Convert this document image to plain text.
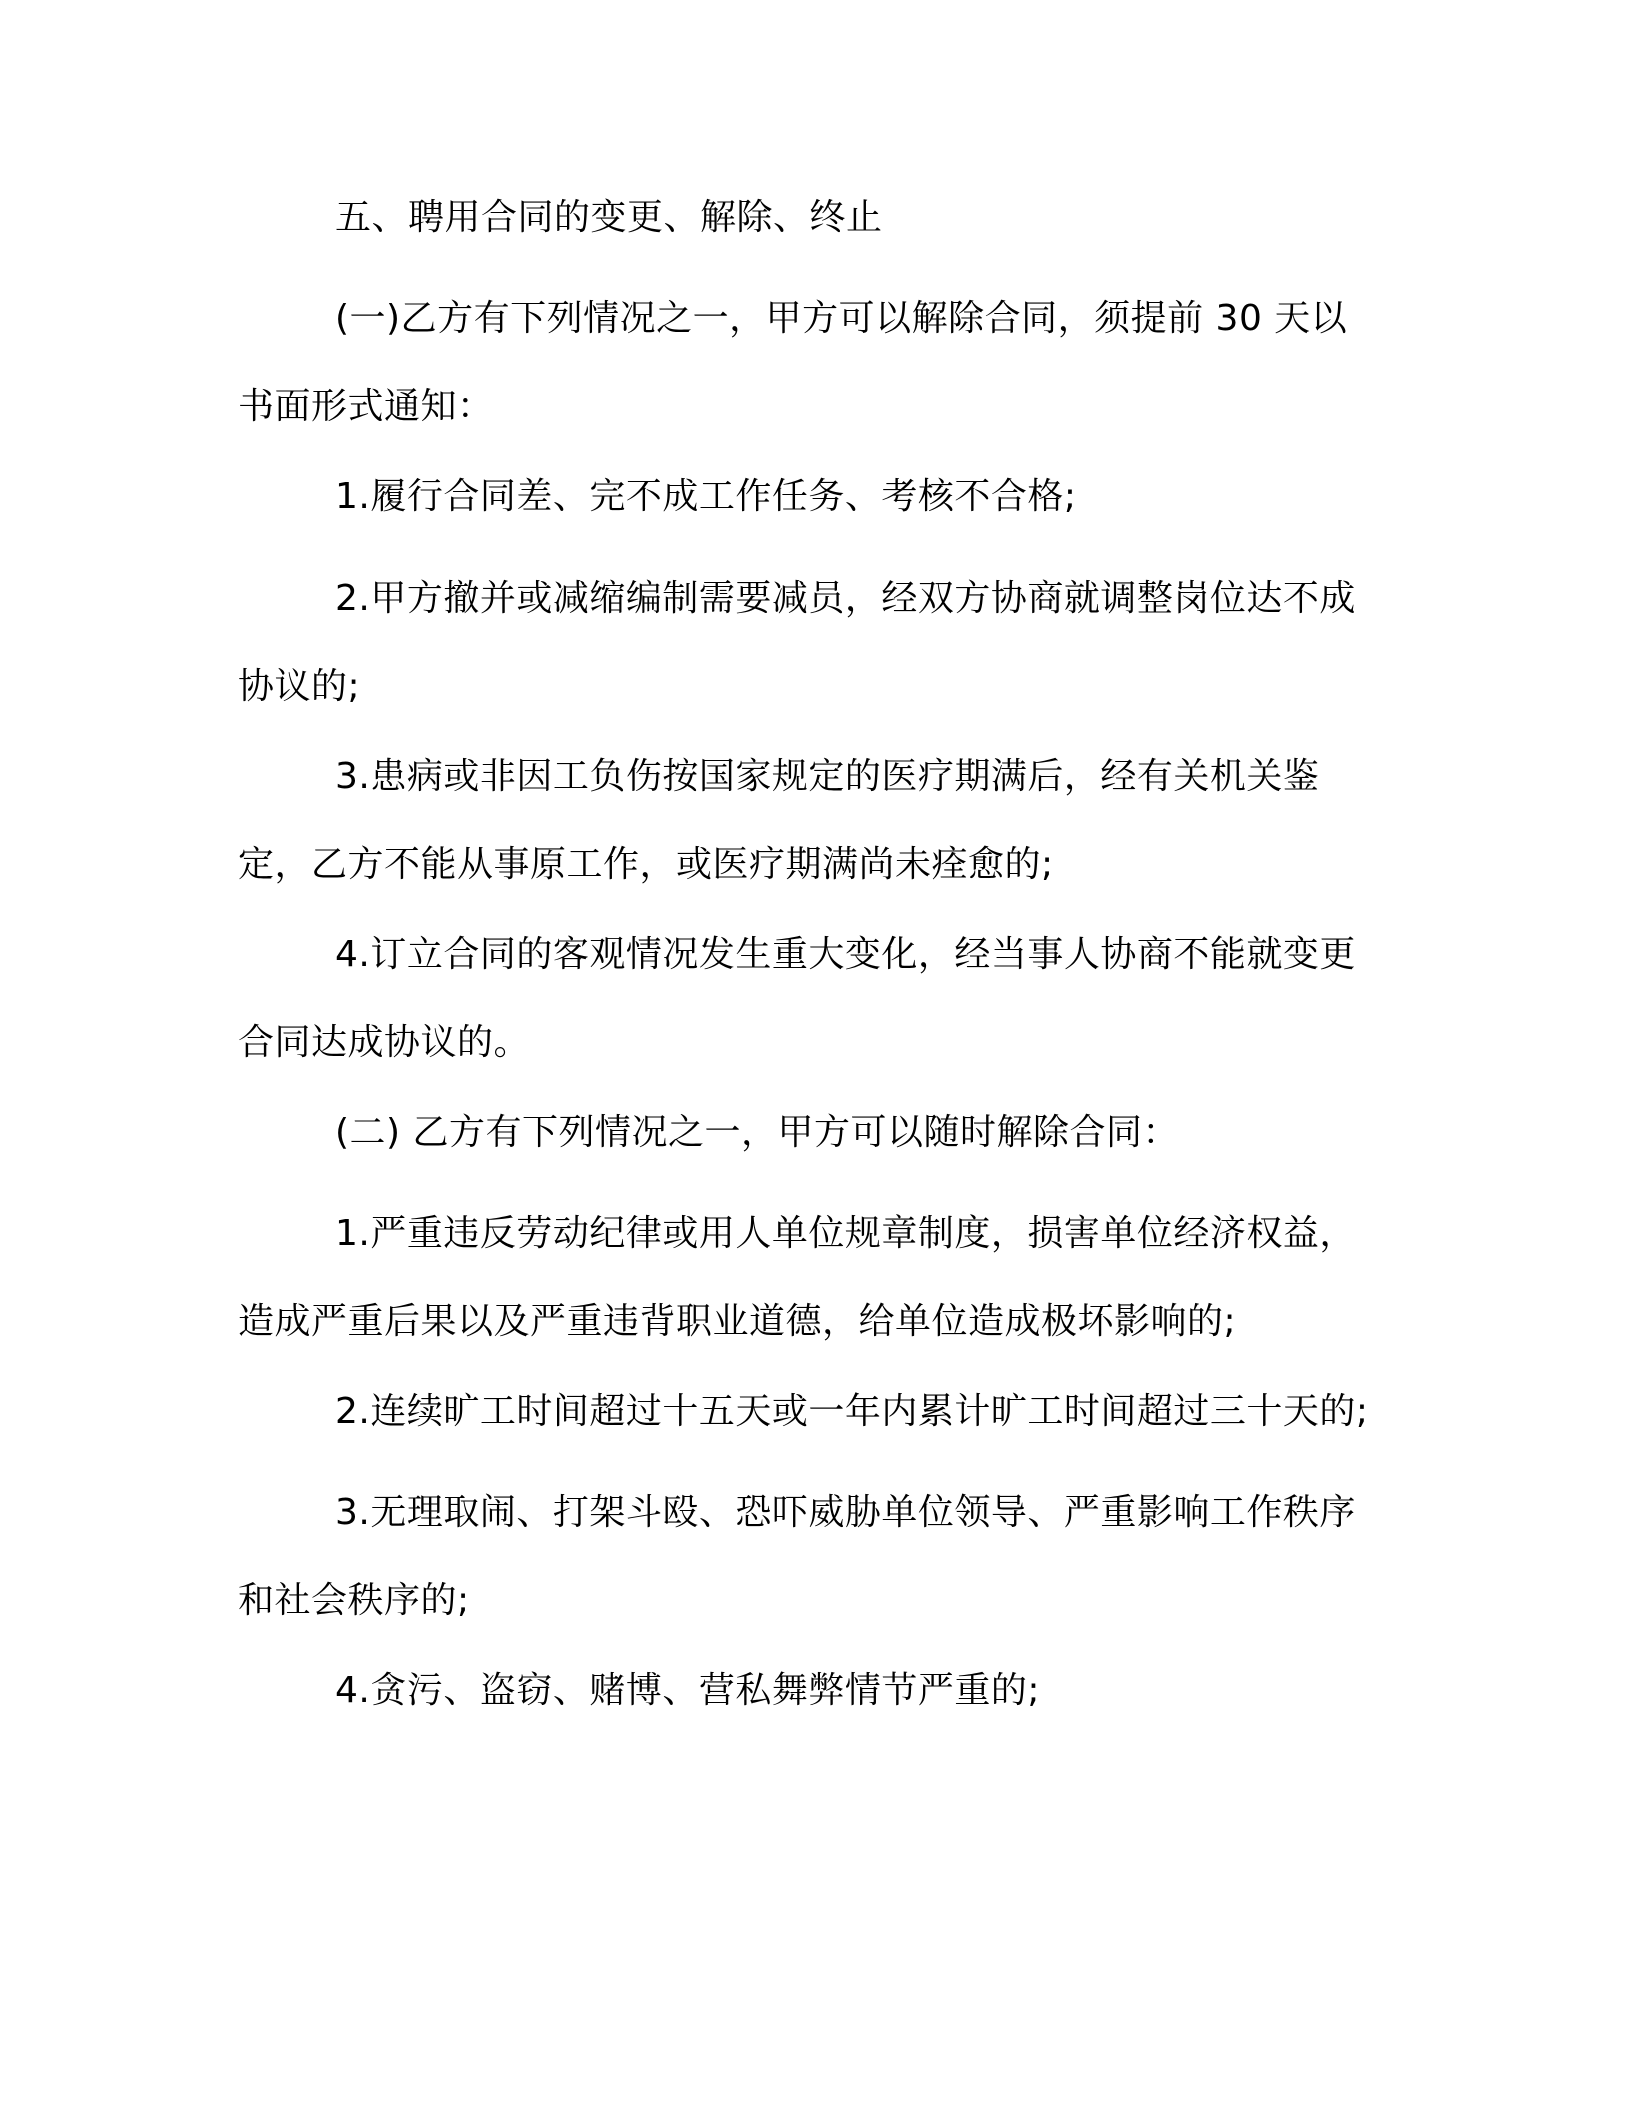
五、聘用合同的变更、解除、终止

(一)乙方有下列情况之一，甲方可以解除合同，须提前 30 天以书面形式通知：

1.履行合同差、完不成工作任务、考核不合格;

2.甲方撤并或减缩编制需要减员，经双方协商就调整岗位达不成协议的;

3.患病或非因工负伤按国家规定的医疗期满后，经有关机关鉴定，乙方不能从事原工作，或医疗期满尚未痊愈的;

4.订立合同的客观情况发生重大变化，经当事人协商不能就变更合同达成协议的。

(二) 乙方有下列情况之一，甲方可以随时解除合同：

1.严重违反劳动纪律或用人单位规章制度，损害单位经济权益，造成严重后果以及严重违背职业道德，给单位造成极坏影响的;

2.连续旷工时间超过十五天或一年内累计旷工时间超过三十天的;

3.无理取闹、打架斗殴、恐吓威胁单位领导、严重影响工作秩序和社会秩序的;

4.贪污、盗窃、赌博、营私舞弊情节严重的;
